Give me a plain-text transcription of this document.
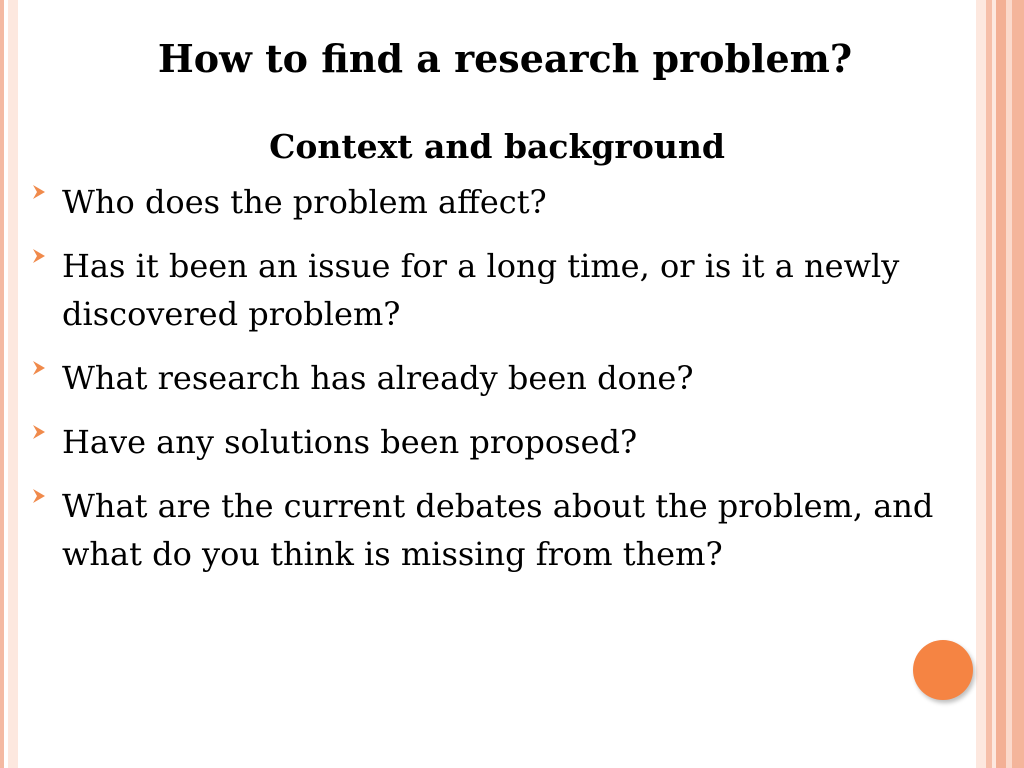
How to find a research problem?
Context and background
Who does the problem affect?
Has it been an issue for a long time, or is it a newly discovered problem?
What research has already been done?
Have any solutions been proposed?
What are the current debates about the problem, and what do you think is missing from them?
